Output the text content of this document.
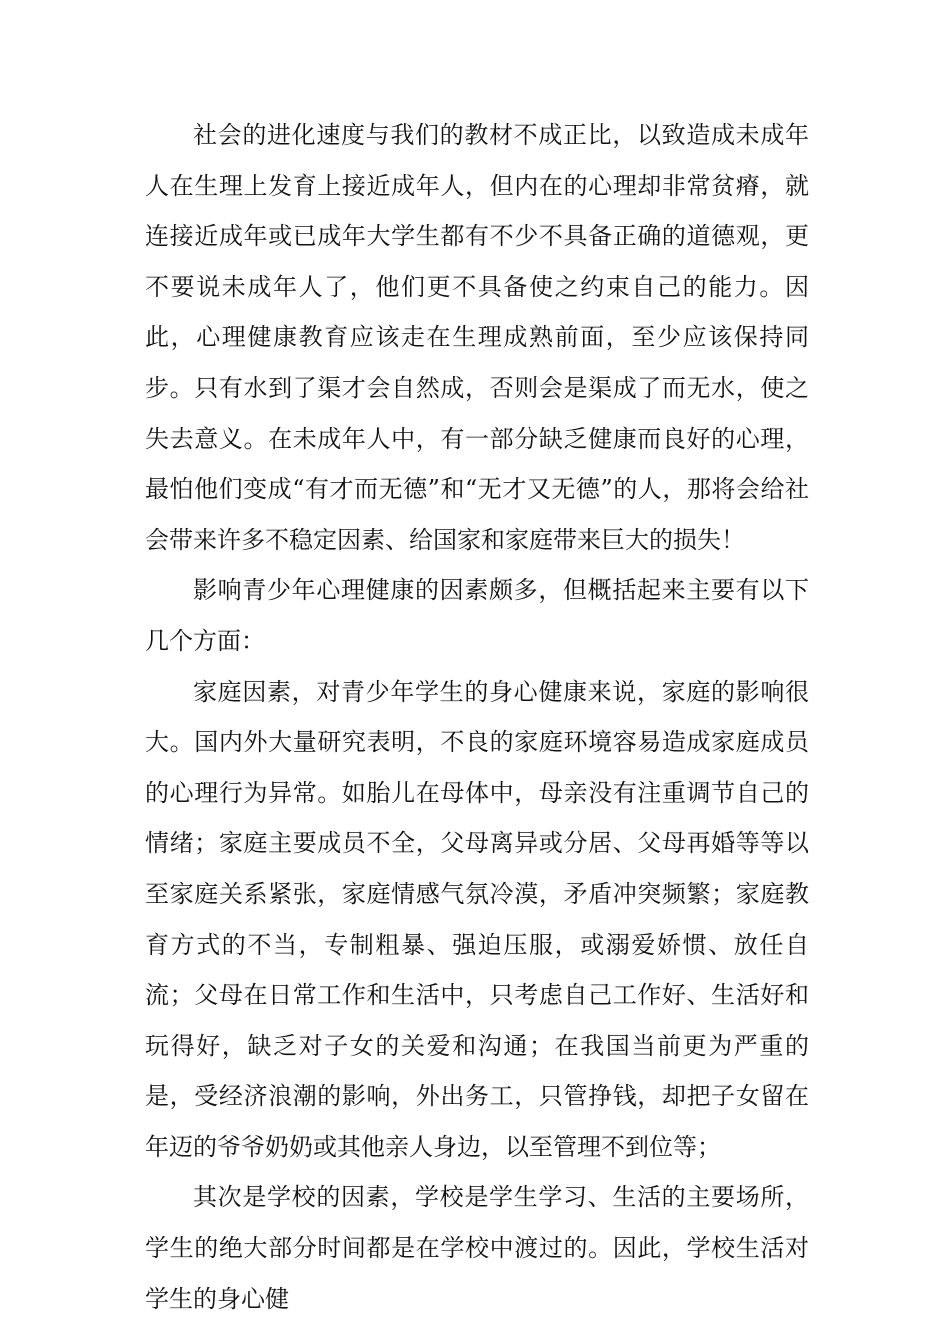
社会的进化速度与我们的教材不成正比，以致造成未成年人在生理上发育上接近成年人，但内在的心理却非常贫瘠，就连接近成年或已成年大学生都有不少不具备正确的道德观，更不要说未成年人了，他们更不具备使之约束自己的能力。因此，心理健康教育应该走在生理成熟前面，至少应该保持同步。只有水到了渠才会自然成，否则会是渠成了而无水，使之失去意义。在未成年人中，有一部分缺乏健康而良好的心理，最怕他们变成“有才而无德”和“无才又无德”的人，那将会给社会带来许多不稳定因素、给国家和家庭带来巨大的损失！

影响青少年心理健康的因素颇多，但概括起来主要有以下几个方面：

家庭因素，对青少年学生的身心健康来说，家庭的影响很大。国内外大量研究表明，不良的家庭环境容易造成家庭成员的心理行为异常。如胎儿在母体中，母亲没有注重调节自己的情绪；家庭主要成员不全，父母离异或分居、父母再婚等等以至家庭关系紧张，家庭情感气氛冷漠，矛盾冲突频繁；家庭教育方式的不当，专制粗暴、强迫压服，或溺爱娇惯、放任自流；父母在日常工作和生活中，只考虑自己工作好、生活好和玩得好，缺乏对子女的关爱和沟通；在我国当前更为严重的是，受经济浪潮的影响，外出务工，只管挣钱，却把子女留在年迈的爷爷奶奶或其他亲人身边，以至管理不到位等；

其次是学校的因素，学校是学生学习、生活的主要场所，学生的绝大部分时间都是在学校中渡过的。因此，学校生活对学生的身心健
